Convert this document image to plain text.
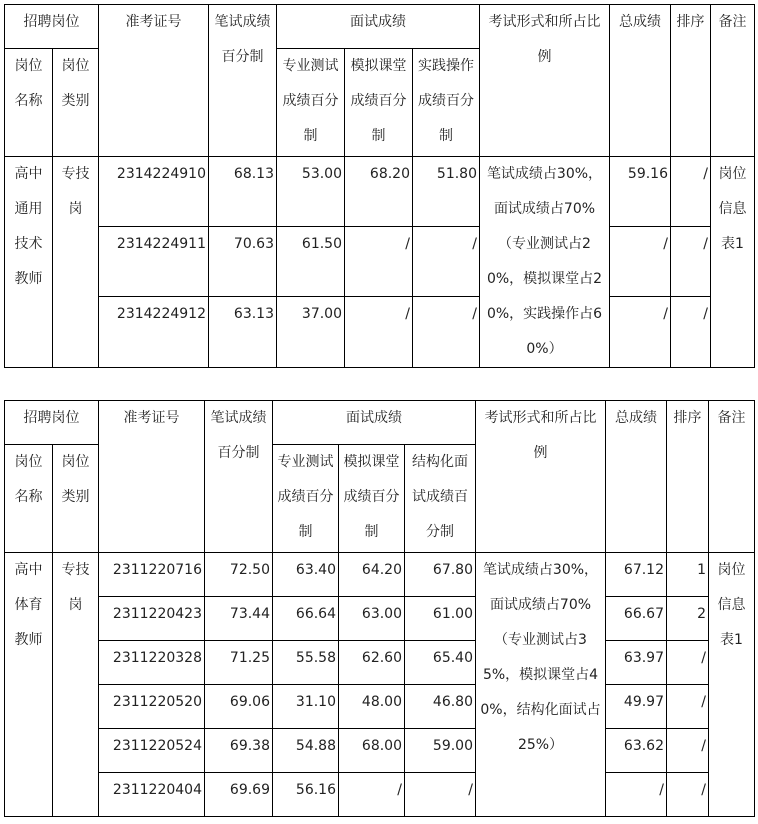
招聘岗位		准考证号	笔试成绩百分制	面试成绩			考试形式和所占比例	总成绩	排序	备注
岗位名称	岗位类别			专业测试成绩百分制	模拟课堂成绩百分制	实践操作成绩百分制				
高中通用技术教师	专技岗	2314224910	68.13	53.00	68.20	51.80	笔试成绩占30%，面试成绩占70%（专业测试占20%，模拟课堂占20%，实践操作占60%）	59.16	/	岗位信息表1
		2314224911	70.63	61.50	/	/		/	/	
		2314224912	63.13	37.00	/	/		/	/	
招聘岗位		准考证号	笔试成绩百分制	面试成绩			考试形式和所占比例	总成绩	排序	备注
岗位名称	岗位类别			专业测试成绩百分制	模拟课堂成绩百分制	结构化面试成绩百分制				
高中体育教师	专技岗	2311220716	72.50	63.40	64.20	67.80	笔试成绩占30%，面试成绩占70%（专业测试占35%，模拟课堂占40%，结构化面试占25%）	67.12	1	岗位信息表1
		2311220423	73.44	66.64	63.00	61.00		66.67	2	
		2311220328	71.25	55.58	62.60	65.40		63.97	/	
		2311220520	69.06	31.10	48.00	46.80		49.97	/	
		2311220524	69.38	54.88	68.00	59.00		63.62	/	
		2311220404	69.69	56.16	/	/		/	/	
